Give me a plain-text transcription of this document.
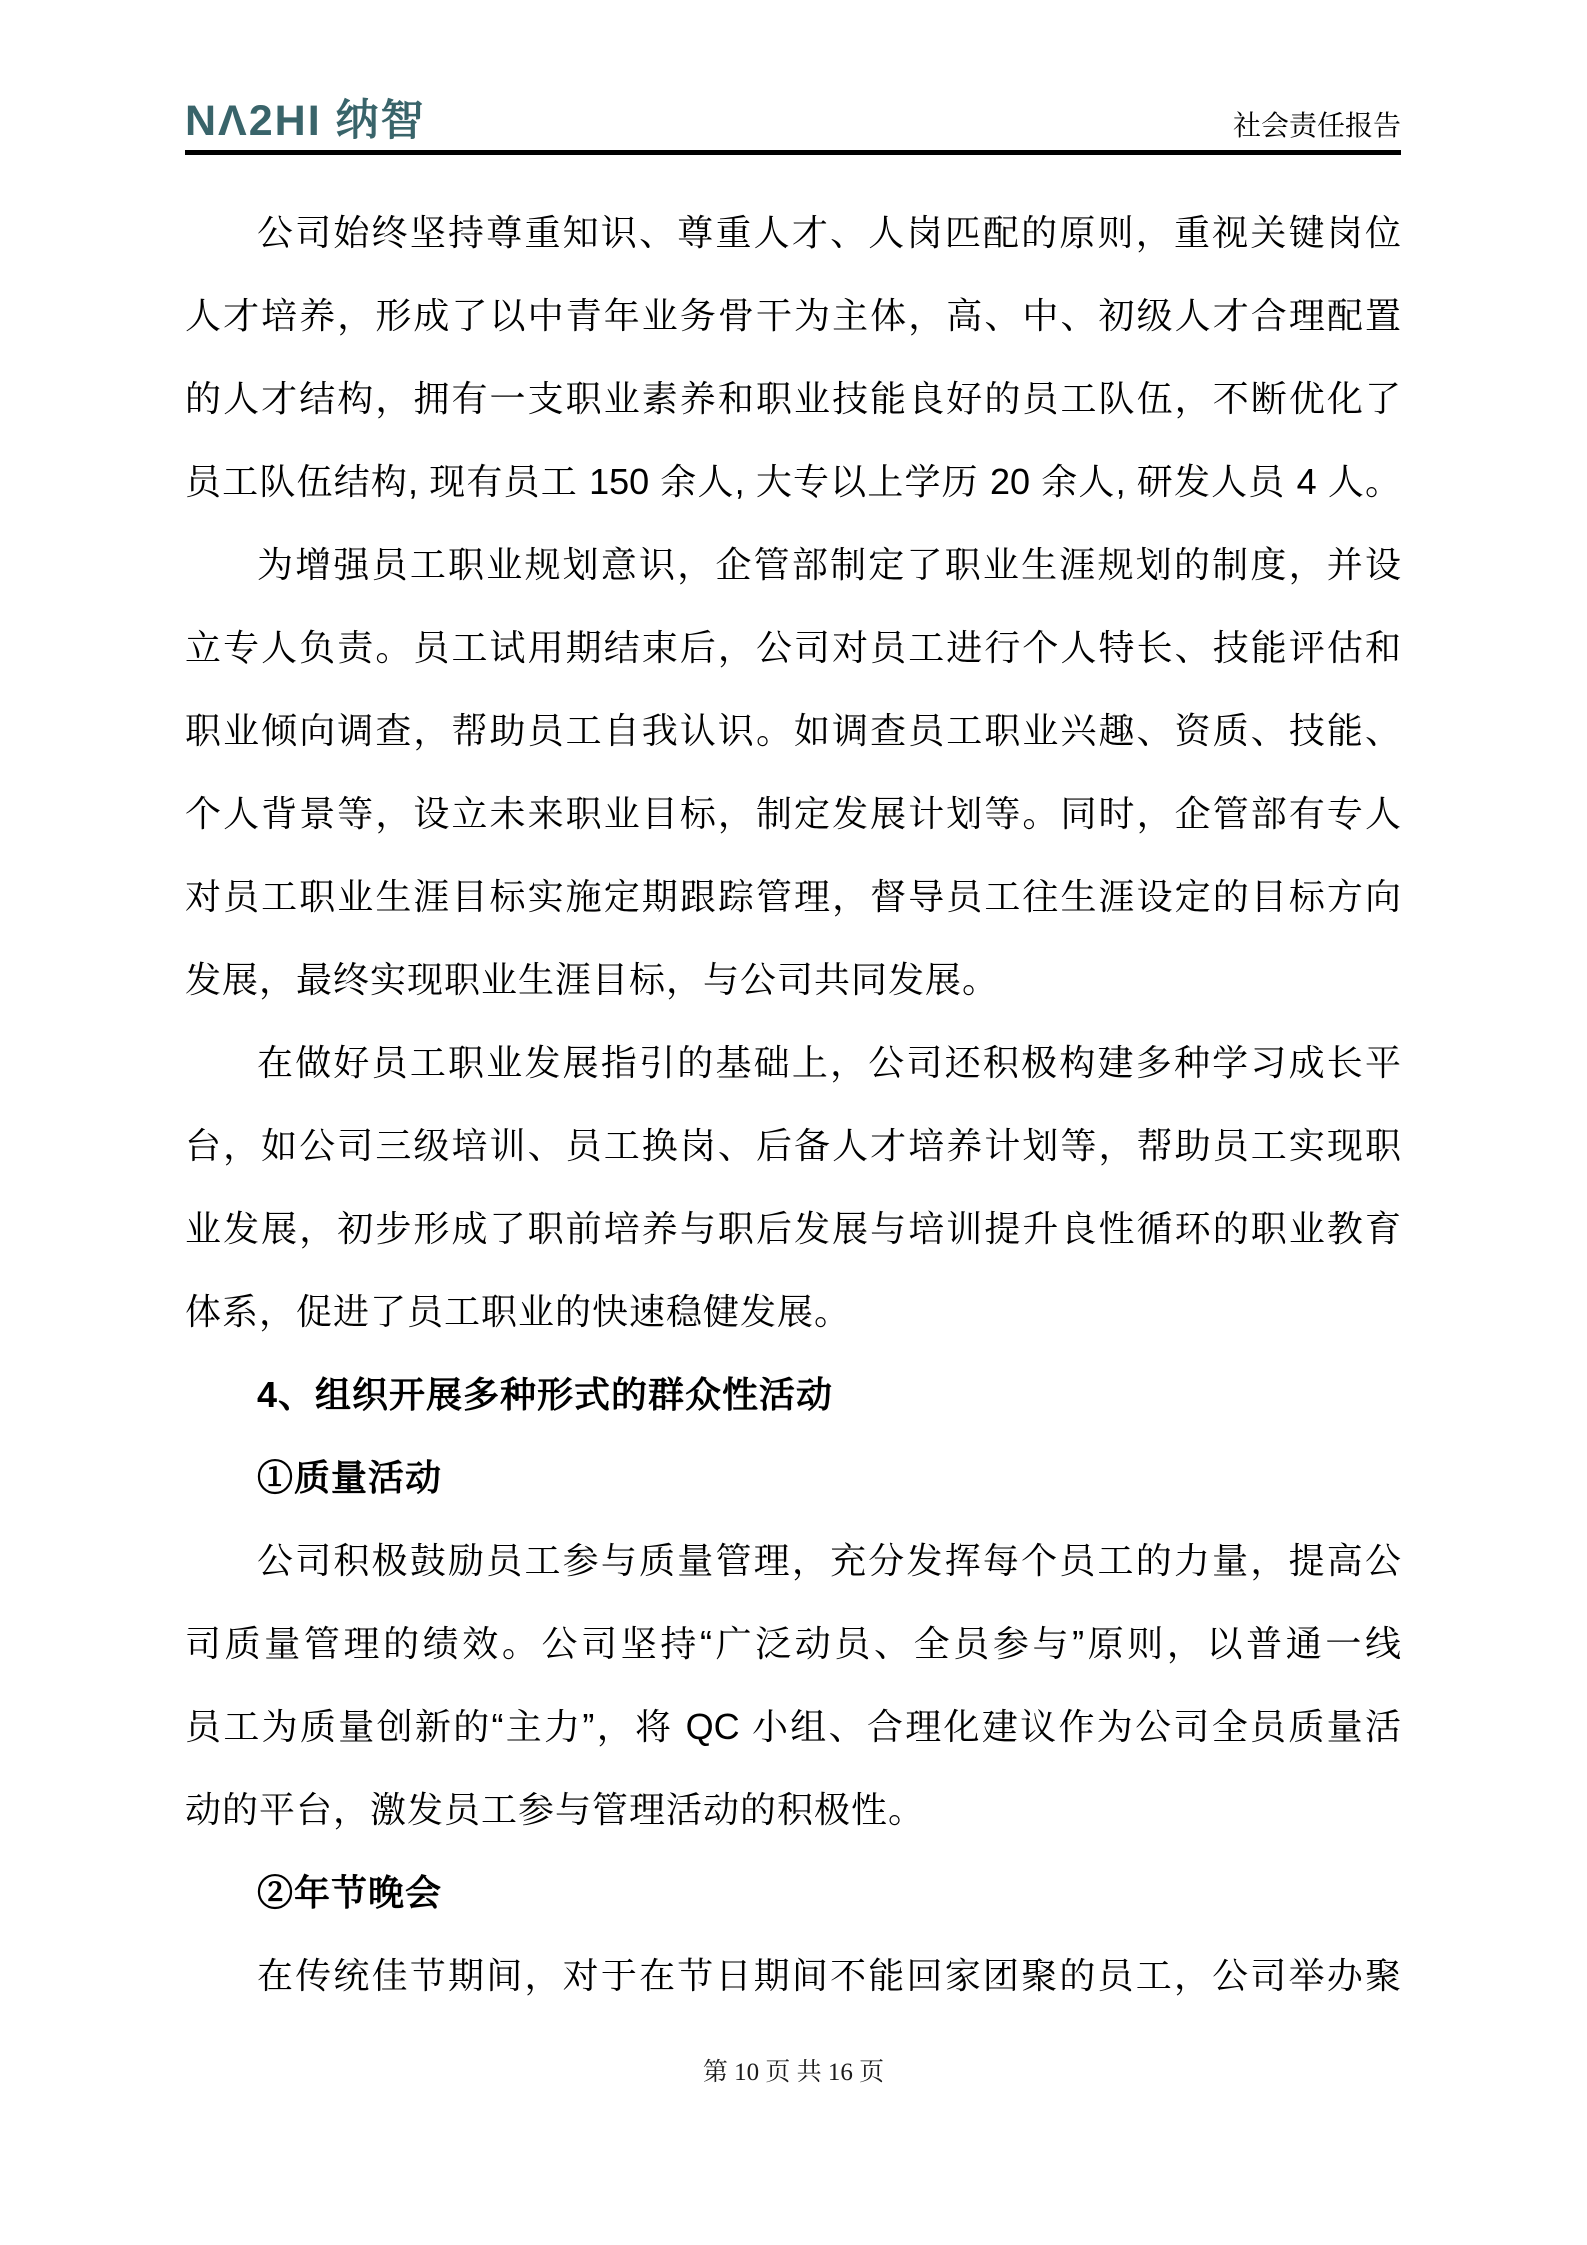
NΛ2HI 纳智	社会责任报告
公司始终坚持尊重知识、尊重人才、人岗匹配的原则，重视关键岗位
人才培养，形成了以中青年业务骨干为主体，高、中、初级人才合理配置
的人才结构，拥有一支职业素养和职业技能良好的员工队伍，不断优化了
员工队伍结构, 现有员工 150 余人, 大专以上学历 20 余人, 研发人员 4 人。
为增强员工职业规划意识，企管部制定了职业生涯规划的制度，并设
立专人负责。员工试用期结束后，公司对员工进行个人特长、技能评估和
职业倾向调查，帮助员工自我认识。如调查员工职业兴趣、资质、技能、
个人背景等，设立未来职业目标，制定发展计划等。同时，企管部有专人
对员工职业生涯目标实施定期跟踪管理，督导员工往生涯设定的目标方向
发展，最终实现职业生涯目标，与公司共同发展。
在做好员工职业发展指引的基础上，公司还积极构建多种学习成长平
台，如公司三级培训、员工换岗、后备人才培养计划等，帮助员工实现职
业发展，初步形成了职前培养与职后发展与培训提升良性循环的职业教育
体系，促进了员工职业的快速稳健发展。
4、组织开展多种形式的群众性活动
①质量活动
公司积极鼓励员工参与质量管理，充分发挥每个员工的力量，提高公
司质量管理的绩效。公司坚持“广泛动员、全员参与”原则，以普通一线
员工为质量创新的“主力”，将 QC 小组、合理化建议作为公司全员质量活
动的平台，激发员工参与管理活动的积极性。
②年节晚会
在传统佳节期间，对于在节日期间不能回家团聚的员工，公司举办聚
第 10 页 共 16 页
